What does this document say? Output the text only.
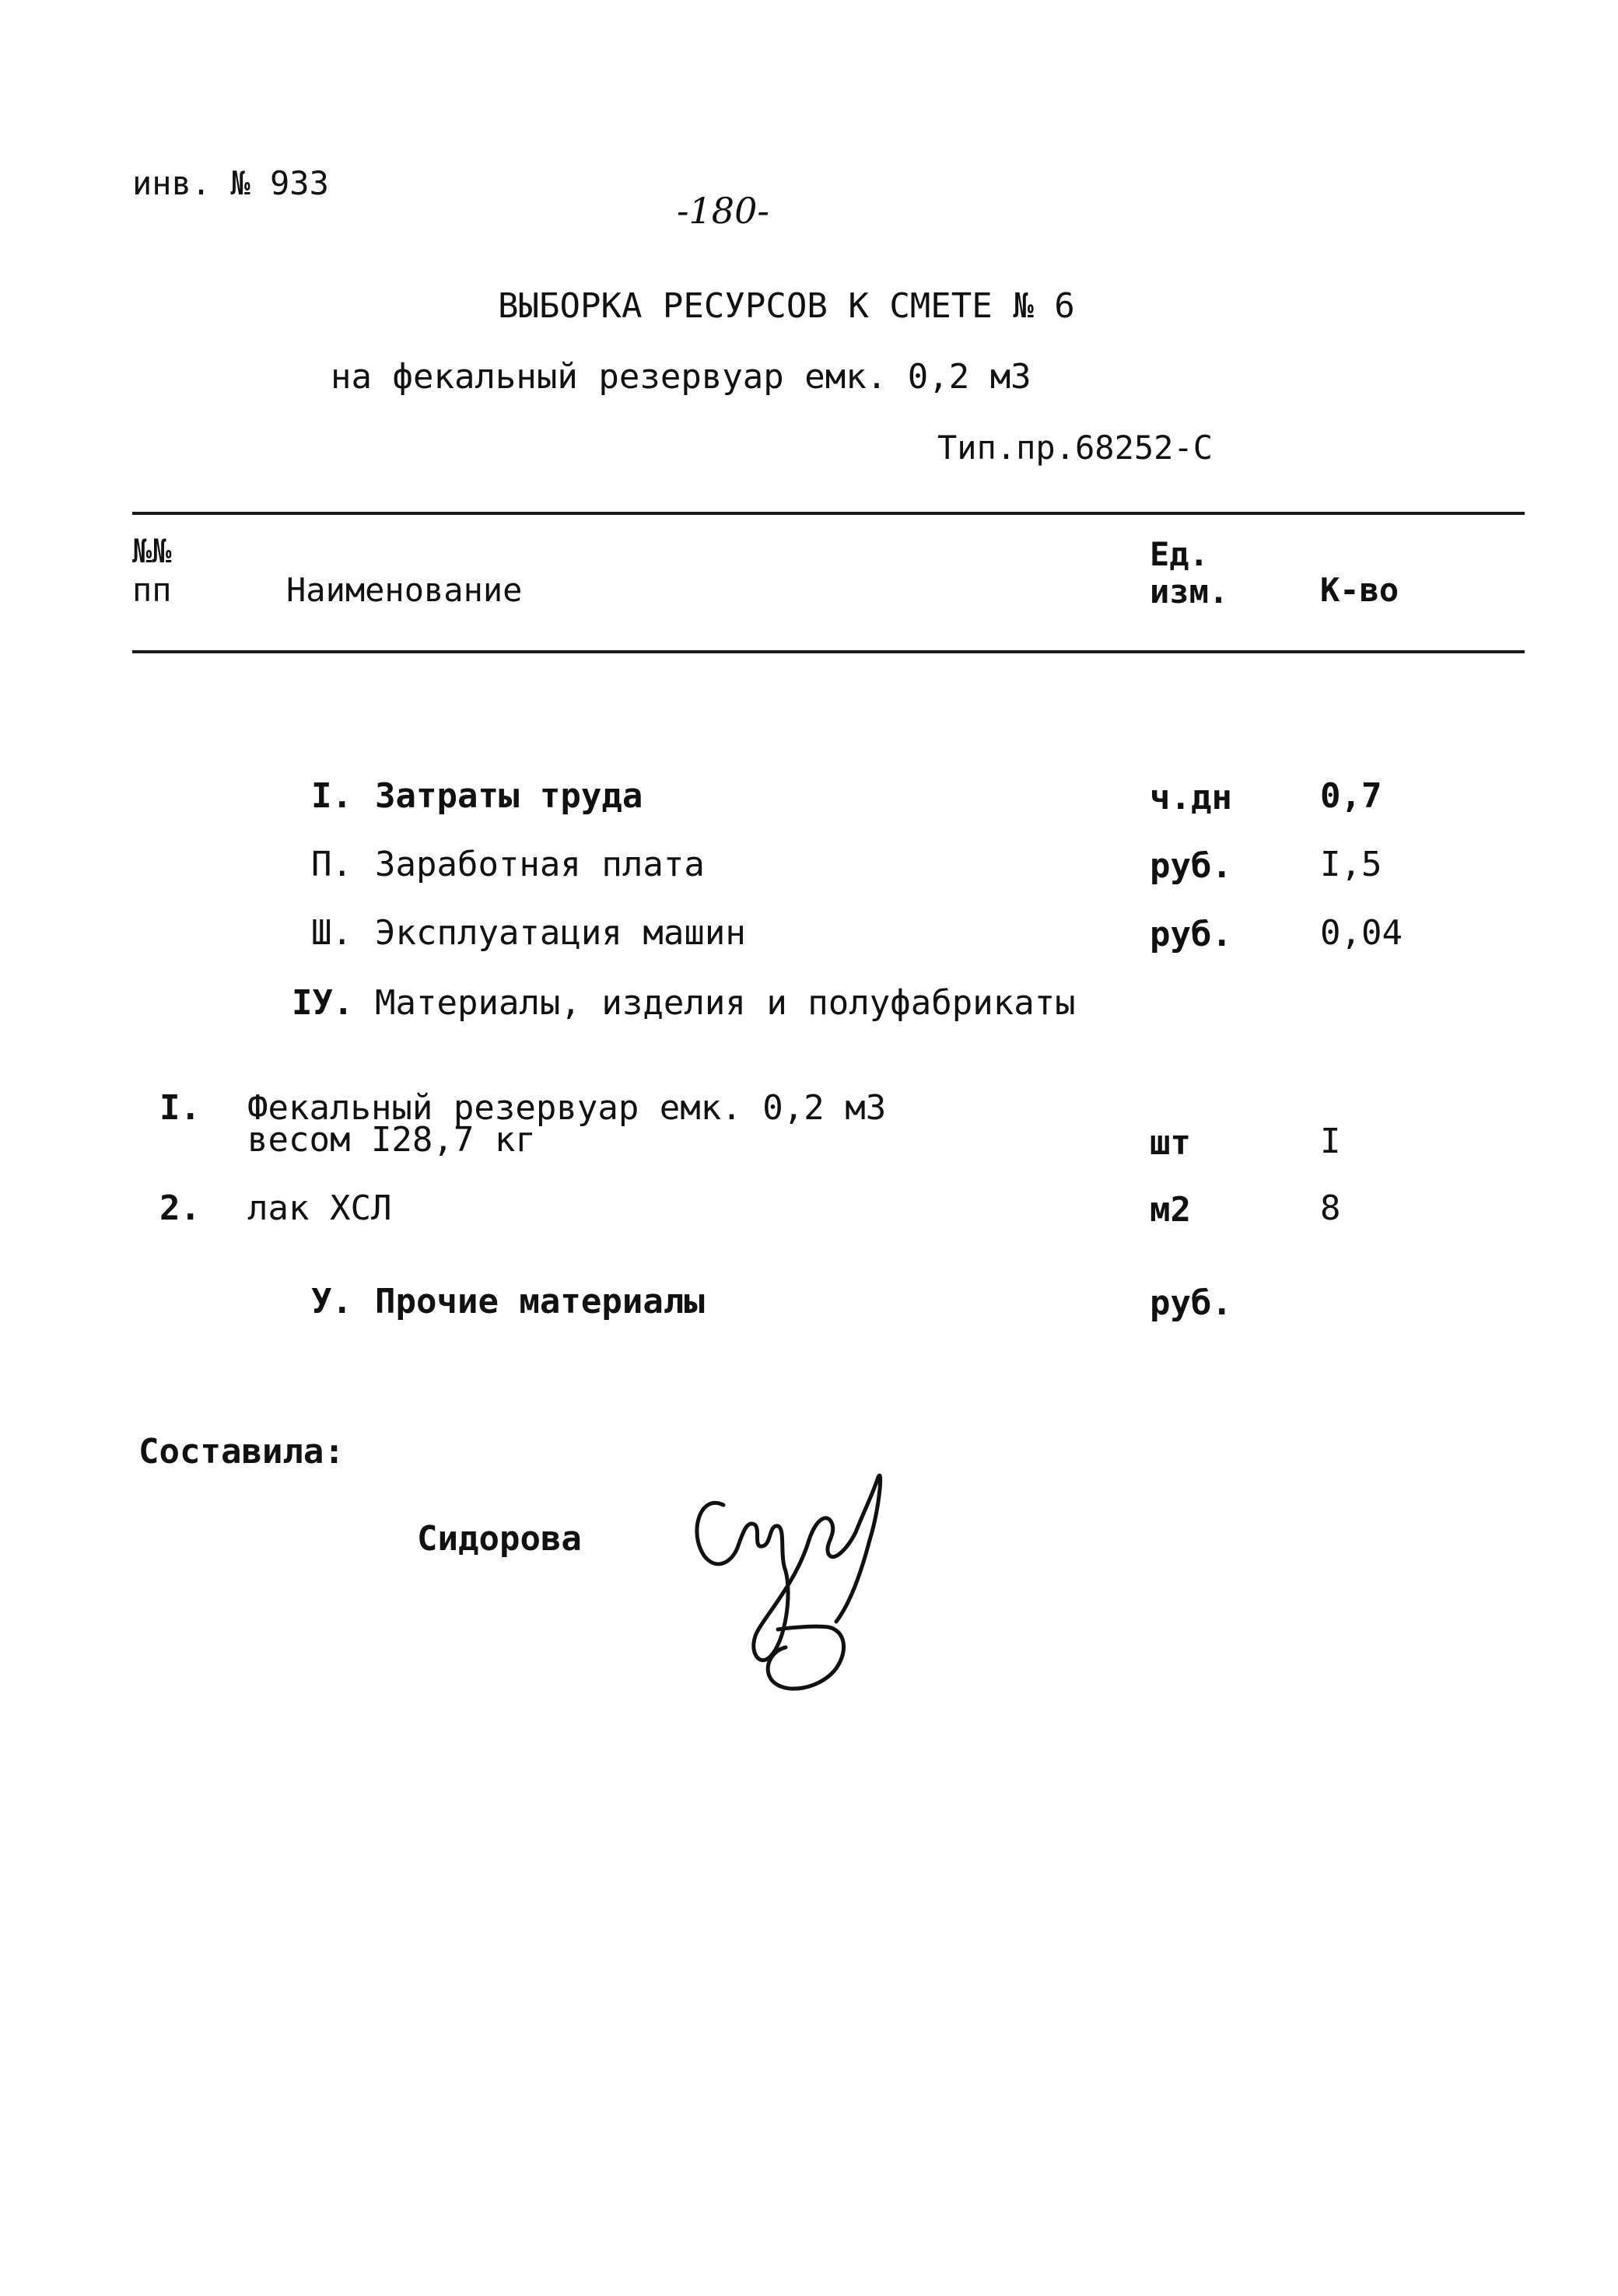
инв. № 933
-180-
ВЫБОРКА РЕСУРСОВ К СМЕТЕ № 6
на фекальный резервуар емк. 0,2 м3
Тип.пр.68252-С
№№
пп	Наименование
Ед.
изм.	К-во
I. Затраты труда	ч.дн	0,7
П. Заработная плата	руб.	I,5
Ш. Эксплуатация машин	руб.	0,04
IУ. Материалы, изделия и полуфабрикаты
I. Фекальный резервуар емк. 0,2 м3
весом I28,7 кг	шт	I
2. лак ХСЛ	м2	8
У. Прочие материалы	руб.
Составила:
Сидорова
